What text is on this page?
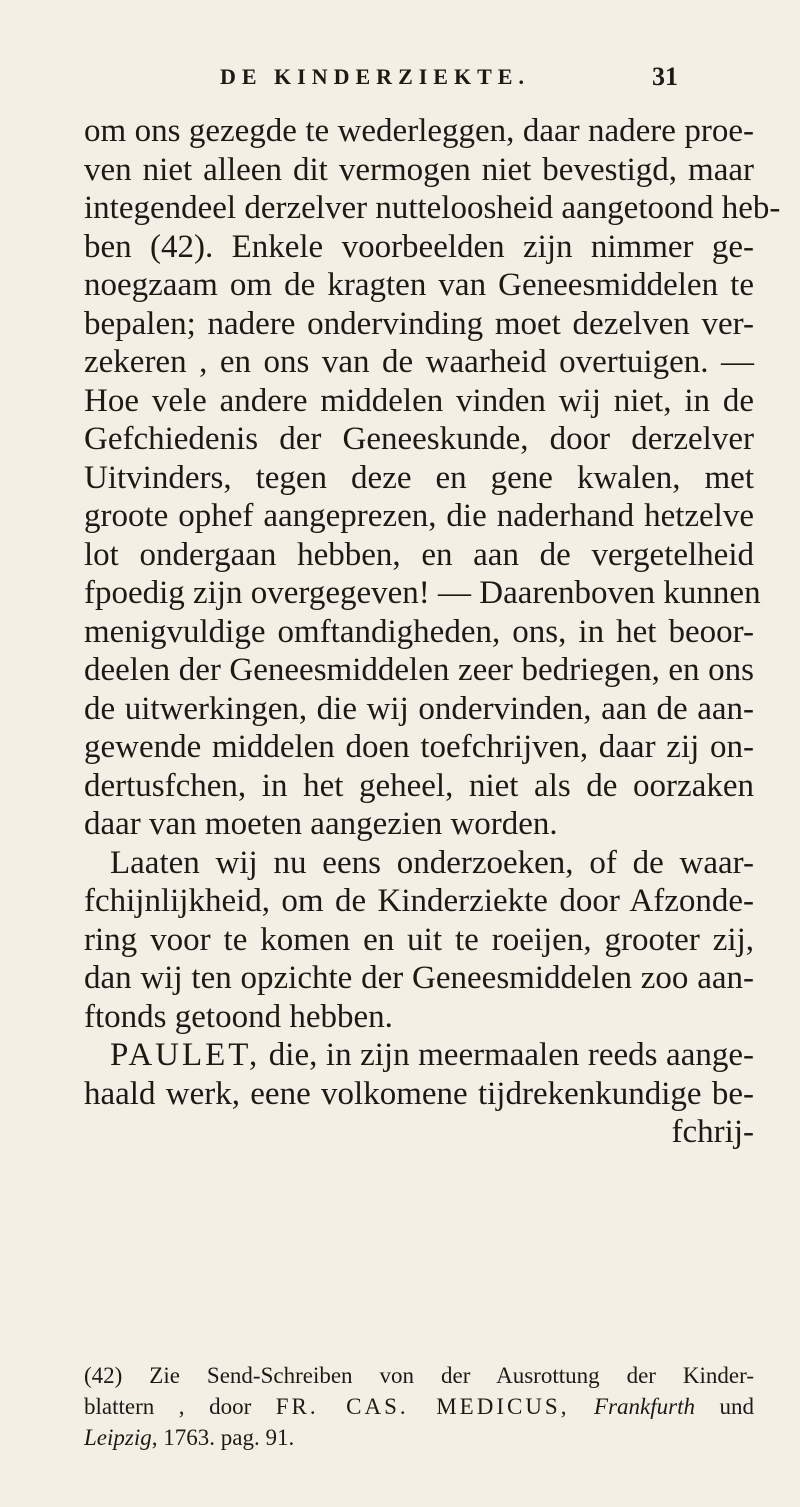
DE KINDERZIEKTE.	31
om ons gezegde te wederleggen, daar nadere proe-
ven niet alleen dit vermogen niet bevestigd, maar
integendeel derzelver nutteloosheid aangetoond heb-
ben (42). Enkele voorbeelden zijn nimmer ge-
noegzaam om de kragten van Geneesmiddelen te
bepalen; nadere ondervinding moet dezelven ver-
zekeren , en ons van de waarheid overtuigen. —
Hoe vele andere middelen vinden wij niet, in de
Gefchiedenis der Geneeskunde, door derzelver
Uitvinders, tegen deze en gene kwalen, met
groote ophef aangeprezen, die naderhand hetzelve
lot ondergaan hebben, en aan de vergetelheid
fpoedig zijn overgegeven! — Daarenboven kunnen
menigvuldige omftandigheden, ons, in het beoor-
deelen der Geneesmiddelen zeer bedriegen, en ons
de uitwerkingen, die wij ondervinden, aan de aan-
gewende middelen doen toefchrijven, daar zij on-
dertusfchen, in het geheel, niet als de oorzaken
daar van moeten aangezien worden.
Laaten wij nu eens onderzoeken, of de waar-
fchijnlijkheid, om de Kinderziekte door Afzonde-
ring voor te komen en uit te roeijen, grooter zij,
dan wij ten opzichte der Geneesmiddelen zoo aan-
ftonds getoond hebben.
PAULET, die, in zijn meermaalen reeds aange-
haald werk, eene volkomene tijdrekenkundige be-
fchrij-
(42) Zie Send-Schreiben von der Ausrottung der Kinder-
blattern , door FR. CAS. MEDICUS, Frankfurth und
Leipzig, 1763. pag. 91.
